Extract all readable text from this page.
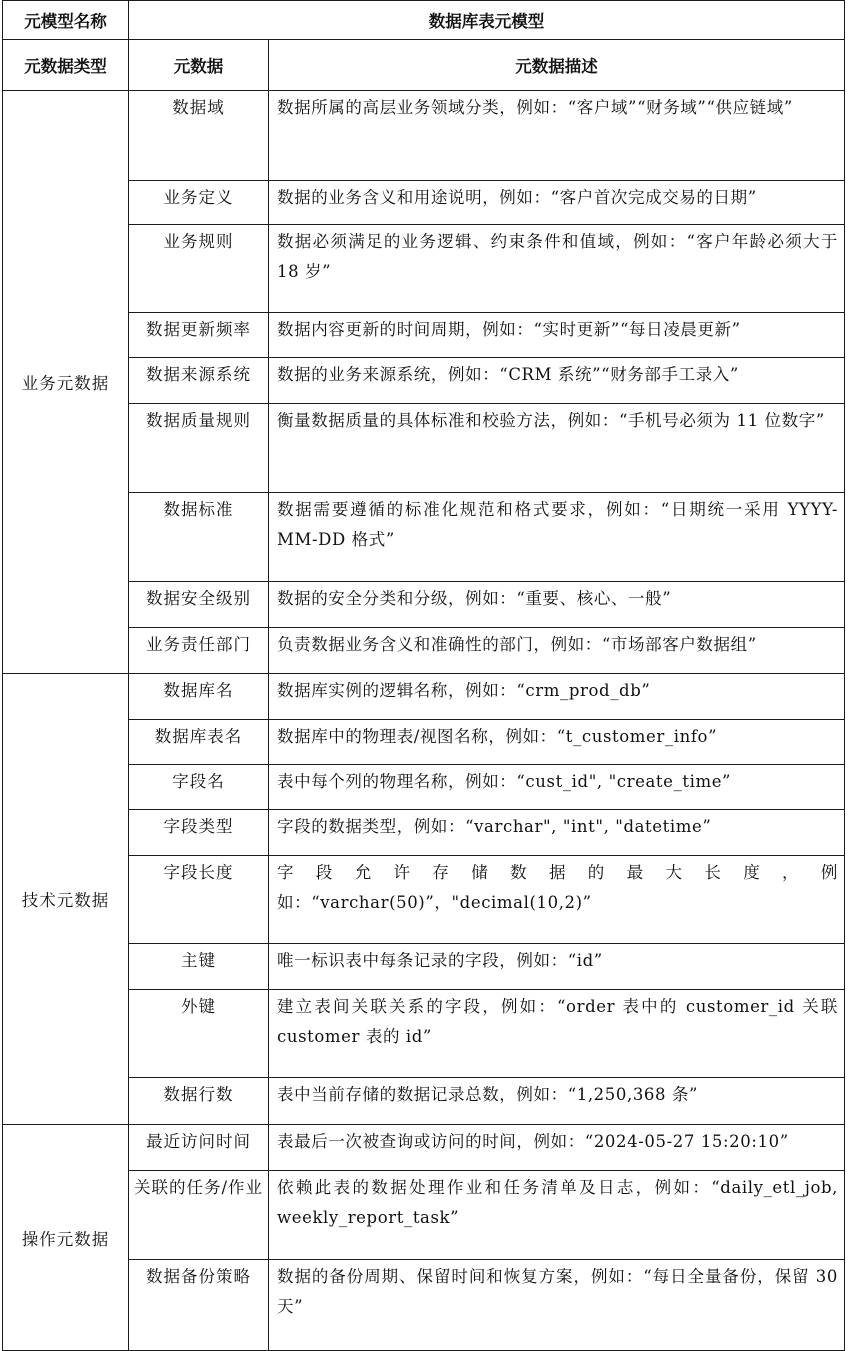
元模型名称	数据库表元模型	
元数据类型	元数据	元数据描述
业务元数据	数据域	数据所属的高层业务领域分类，例如：“客户域”“财务域”“供应链域”

	业务定义	数据的业务含义和用途说明，例如：“客户首次完成交易的日期”

	业务规则	数据必须满足的业务逻辑、约束条件和值域，例如：“客户年龄必须大于 18 岁”

	数据更新频率	数据内容更新的时间周期，例如：“实时更新”“每日凌晨更新”

	数据来源系统	数据的业务来源系统，例如：“CRM 系统”“财务部手工录入”

	数据质量规则	衡量数据质量的具体标准和校验方法，例如：“手机号必须为 11 位数字”

	数据标准	数据需要遵循的标准化规范和格式要求，例如：“日期统一采用 YYYY-MM-DD 格式”

	数据安全级别	数据的安全分类和分级，例如：“重要、核心、一般”

	业务责任部门	负责数据业务含义和准确性的部门，例如：“市场部客户数据组”

技术元数据	数据库名	数据库实例的逻辑名称，例如：“crm_prod_db”

	数据库表名	数据库中的物理表/视图名称，例如：“t_customer_info”

	字段名	表中每个列的物理名称，例如：“cust_id", "create_time”

	字段类型	字段的数据类型，例如：“varchar", "int", "datetime”

	字段长度	字段允许存储数据的最大长度，例如：“varchar(50)”，"decimal(10,2)”

	主键	唯一标识表中每条记录的字段，例如：“id”

	外键	建立表间关联关系的字段，例如：“order 表中的 customer_id 关联 customer 表的 id”

	数据行数	表中当前存储的数据记录总数，例如：“1,250,368 条”

操作元数据	最近访问时间	表最后一次被查询或访问的时间，例如：“2024-05-27 15:20:10”

	关联的任务/作业	依赖此表的数据处理作业和任务清单及日志，例如：“daily_etl_job, weekly_report_task”

	数据备份策略	数据的备份周期、保留时间和恢复方案，例如：“每日全量备份，保留 30 天”
